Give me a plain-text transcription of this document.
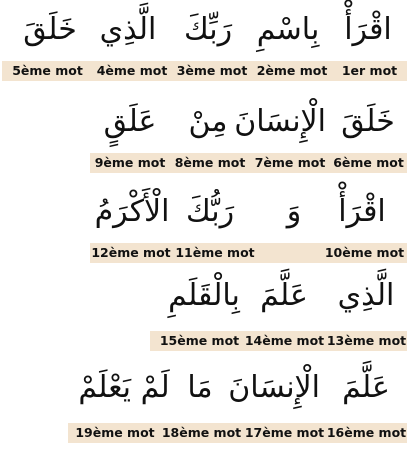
اقْرَأْ
بِاسْمِ
رَبِّكَ
الَّذِي
خَلَقَ
1er mot
2ème mot
3ème mot
4ème mot
5ème mot
خَلَقَ
الْإِنسَانَ
مِنْ
عَلَقٍ
6ème mot
7ème mot
8ème mot
9ème mot
اقْرَأْ
وَ
رَبُّكَ
الْأَكْرَمُ
10ème mot
11ème mot
12ème mot
الَّذِي
عَلَّمَ
بِالْقَلَمِ
13ème mot
14ème mot
15ème mot
عَلَّمَ
الْإِنسَانَ
مَا
لَمْ يَعْلَمْ
16ème mot
17ème mot
18ème mot
19ème mot
